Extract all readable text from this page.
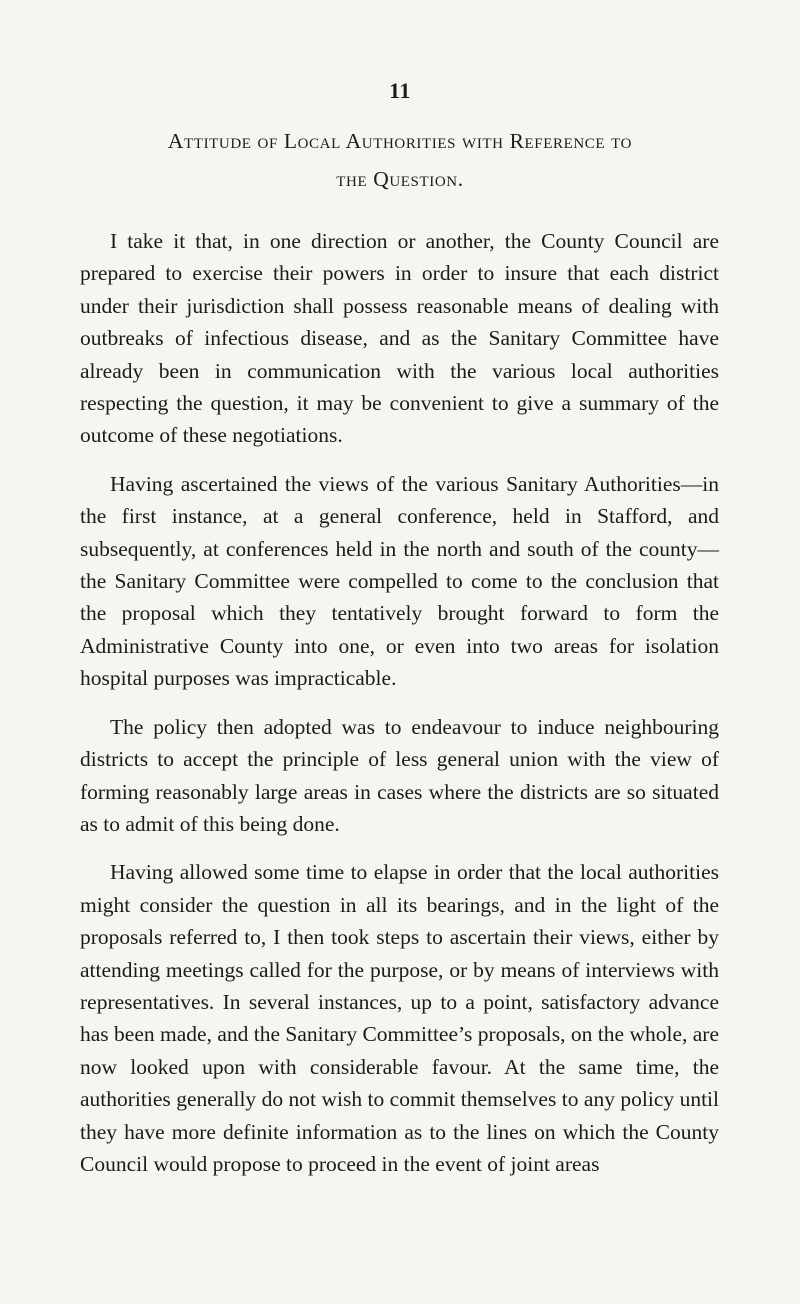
11
Attitude of Local Authorities with Reference to
the Question.

I take it that, in one direction or another, the County Council are prepared to exercise their powers in order to insure that each district under their jurisdiction shall possess reasonable means of dealing with outbreaks of infectious disease, and as the Sanitary Committee have already been in communication with the various local authorities respecting the question, it may be convenient to give a summary of the outcome of these negotiations.

Having ascertained the views of the various Sanitary Authorities—in the first instance, at a general conference, held in Stafford, and subsequently, at conferences held in the north and south of the county—the Sanitary Committee were compelled to come to the conclusion that the proposal which they tentatively brought forward to form the Administrative County into one, or even into two areas for isolation hospital purposes was impracticable.

The policy then adopted was to endeavour to induce neighbouring districts to accept the principle of less general union with the view of forming reasonably large areas in cases where the districts are so situated as to admit of this being done.

Having allowed some time to elapse in order that the local authorities might consider the question in all its bearings, and in the light of the proposals referred to, I then took steps to ascertain their views, either by attending meetings called for the purpose, or by means of interviews with representatives. In several instances, up to a point, satisfactory advance has been made, and the Sanitary Committee’s proposals, on the whole, are now looked upon with considerable favour. At the same time, the authorities generally do not wish to commit themselves to any policy until they have more definite information as to the lines on which the County Council would propose to proceed in the event of joint areas
